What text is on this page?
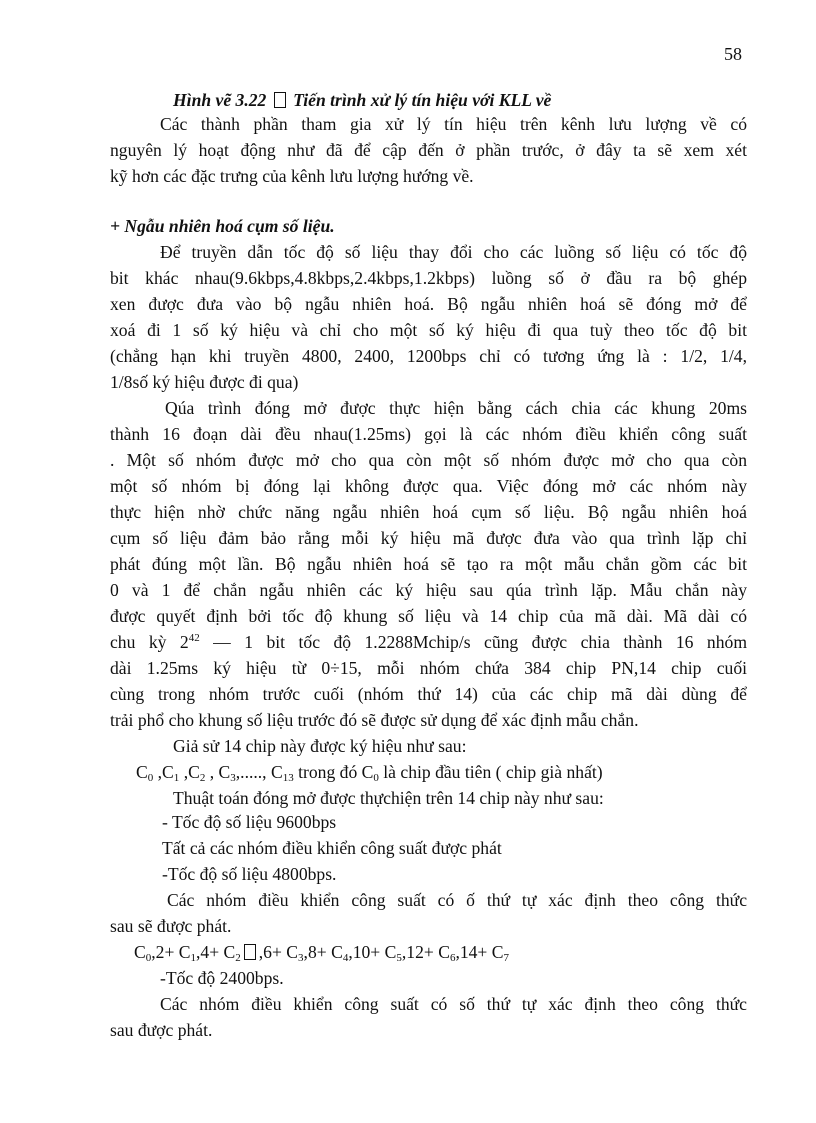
58
Hình vẽ 3.22 Tiến trình xử lý tín hiệu với KLL về
Các thành phần tham gia xử lý tín hiệu trên kênh lưu lượng về có
nguyên lý hoạt động như đã để cập đến ở phần trước, ở đây ta sẽ xem xét
kỹ hơn các đặc trưng của kênh lưu lượng hướng về.
+ Ngẫu nhiên hoá cụm số liệu.
Để truyền dẫn tốc độ số liệu thay đổi cho các luồng số liệu có tốc độ
bit khác nhau(9.6kbps,4.8kbps,2.4kbps,1.2kbps) luồng số ở đầu ra bộ ghép
xen được đưa vào bộ ngẫu nhiên hoá. Bộ ngẫu nhiên hoá sẽ đóng mở để
xoá đi 1 số ký hiệu và chỉ cho một số ký hiệu đi qua tuỳ theo tốc độ bit
(chẳng hạn khi truyền 4800, 2400, 1200bps chỉ có tương ứng là : 1/2, 1/4,
1/8số ký hiệu được đi qua)
Qúa trình đóng mở được thực hiện bằng cách chia các khung 20ms
thành 16 đoạn dài đều nhau(1.25ms) gọi là các nhóm điều khiển công suất
. Một số nhóm được mở cho qua còn một số nhóm được mở cho qua còn
một số nhóm bị đóng lại không được qua. Việc đóng mở các nhóm này
thực hiện nhờ chức năng ngẫu nhiên hoá cụm số liệu. Bộ ngẫu nhiên hoá
cụm số liệu đảm bảo rằng mỗi ký hiệu mã được đưa vào qua trình lặp chỉ
phát đúng một lần. Bộ ngẫu nhiên hoá sẽ tạo ra một mẫu chắn gồm các bit
0 và 1 để chắn ngẫu nhiên các ký hiệu sau qúa trình lặp. Mẫu chắn này
được quyết định bởi tốc độ khung số liệu và 14 chip của mã dài. Mã dài có
chu kỳ $2^{42}$ — 1 bit tốc độ 1.2288Mchip/s cũng được chia thành 16 nhóm
dài 1.25ms ký hiệu từ 0÷15, mỗi nhóm chứa 384 chip PN,14 chip cuối
cùng trong nhóm trước cuối (nhóm thứ 14) của các chip mã dài dùng để
trải phổ cho khung số liệu trước đó sẽ được sử dụng để xác định mẫu chắn.
Giả sử 14 chip này được ký hiệu như sau:
$C_0$ $,C_1$ $,C_2$ , $C_3$,....., $C_{13}$ trong đó $C_0$ là chip đầu tiên ( chip già nhất)
Thuật toán đóng mở được thựchiện trên 14 chip này như sau:
- Tốc độ số liệu 9600bps
Tất cả các nhóm điều khiển công suất được phát
-Tốc độ số liệu 4800bps.
Các nhóm điều khiển công suất có ố thứ tự xác định theo công thức
sau sẽ được phát.
$C_0,2+ C_1,4+ C_2$ $,6+ C_3,8+ C_4,10+ C_5,12+ C_6,14+ C_7$
-Tốc độ 2400bps.
Các nhóm điều khiển công suất có số thứ tự xác định theo công thức
sau được phát.
